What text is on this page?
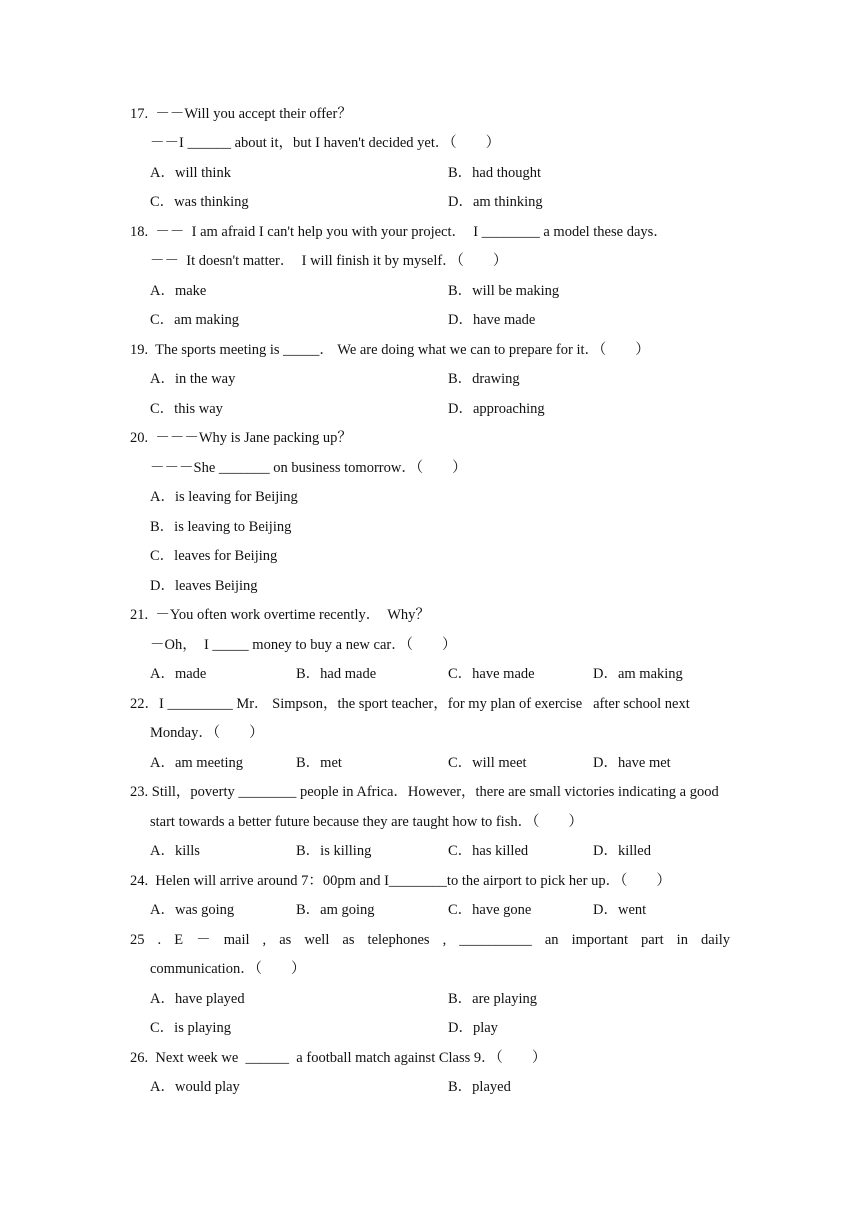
17.  －－Will you accept their offer？
－－I ______ about it，but I haven't decided yet．（　　）
A．will think	B．had thought
C．was thinking	D．am thinking
18.  －－  I am afraid I can't help you with your project．  I ________ a model these days．
－－  It doesn't matter．  I will finish it by myself．（　　）
A．make	B．will be making
C．am making	D．have made
19.  The sports meeting is _____． We are doing what we can to prepare for it．（　　）
A．in the way	B．drawing
C．this way	D．approaching
20.  －－－Why is Jane packing up？
－－－She _______ on business tomorrow．（　　）
A．is leaving for Beijing
B．is leaving to Beijing
C．leaves for Beijing
D．leaves Beijing
21.  －You often work overtime recently．  Why？
－Oh，  I _____ money to buy a new car．（　　）
A．made	B．had made	C．have made	D．am making
22．I _________ Mr． Simpson，the sport teacher，for my plan of exercise   after school next
Monday．（　　）
A．am meeting	B．met	C．will meet	D．have met
23. Still，poverty ________ people in Africa．However，there are small victories indicating a good
start towards a better future because they are taught how to fish．（　　）
A．kills	B．is killing	C．has killed	D．killed
24.  Helen will arrive around 7：00pm and I________to the airport to pick her up．（　　）
A．was going	B．am going	C．have gone	D．went
25 . E － mail , as well as telephones , __________ an important part in daily
communication．（　　）
A．have played	B．are playing
C．is playing	D．play
26.  Next week we  ______  a football match against Class 9．（　　）
A．would play	B．played
